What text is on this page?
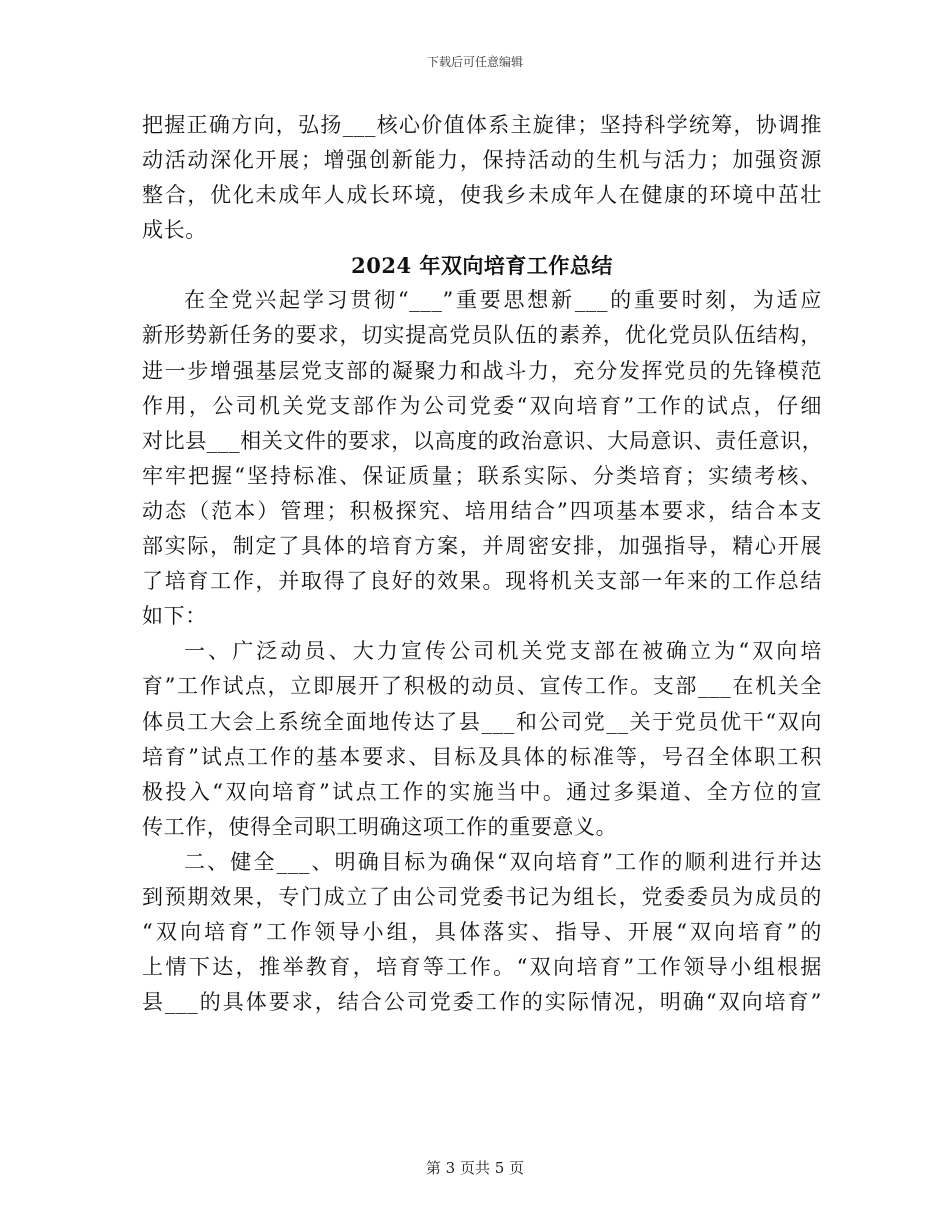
下载后可任意编辑
把握正确方向，弘扬___核心价值体系主旋律；坚持科学统筹，协调推
动活动深化开展；增强创新能力，保持活动的生机与活力；加强资源
整合，优化未成年人成长环境，使我乡未成年人在健康的环境中茁壮
成长。
2024 年双向培育工作总结
在全党兴起学习贯彻“___”重要思想新___的重要时刻，为适应
新形势新任务的要求，切实提高党员队伍的素养，优化党员队伍结构，
进一步增强基层党支部的凝聚力和战斗力，充分发挥党员的先锋模范
作用，公司机关党支部作为公司党委“双向培育”工作的试点，仔细
对比县___相关文件的要求，以高度的政治意识、大局意识、责任意识，
牢牢把握“坚持标准、保证质量；联系实际、分类培育；实绩考核、
动态（范本）管理；积极探究、培用结合”四项基本要求，结合本支
部实际，制定了具体的培育方案，并周密安排，加强指导，精心开展
了培育工作，并取得了良好的效果。现将机关支部一年来的工作总结
如下：
一、广泛动员、大力宣传公司机关党支部在被确立为“双向培
育”工作试点，立即展开了积极的动员、宣传工作。支部___在机关全
体员工大会上系统全面地传达了县___和公司党__关于党员优干“双向
培育”试点工作的基本要求、目标及具体的标准等，号召全体职工积
极投入“双向培育”试点工作的实施当中。通过多渠道、全方位的宣
传工作，使得全司职工明确这项工作的重要意义。
二、健全___、明确目标为确保“双向培育”工作的顺利进行并达
到预期效果，专门成立了由公司党委书记为组长，党委委员为成员的
“双向培育”工作领导小组，具体落实、指导、开展“双向培育”的
上情下达，推举教育，培育等工作。“双向培育”工作领导小组根据
县___的具体要求，结合公司党委工作的实际情况，明确“双向培育”
第 3 页共 5 页
